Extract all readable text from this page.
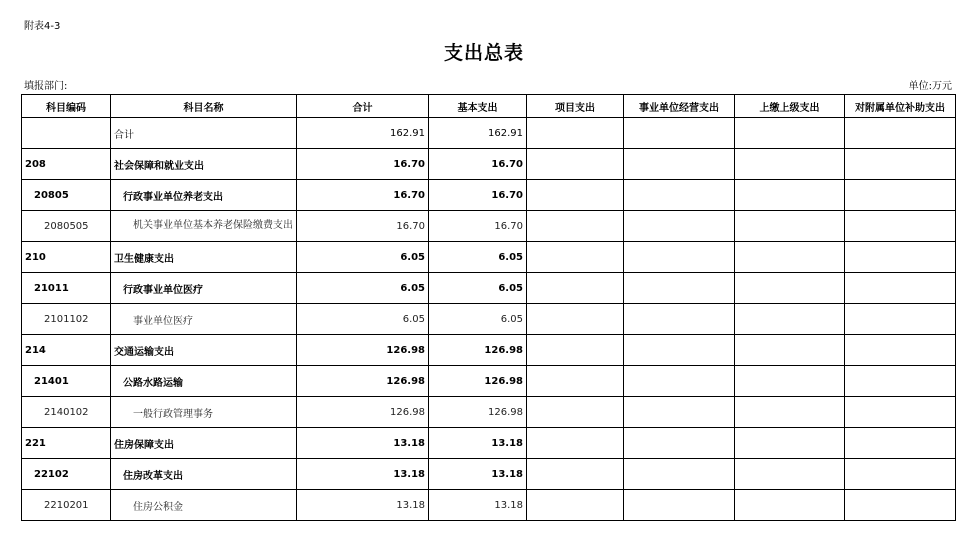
附表4-3
支出总表
填报部门:	单位:万元
科目编码	科目名称	合计	基本支出	项目支出	事业单位经营支出	上缴上级支出	对附属单位补助支出
	合计	162.91	162.91				
208	社会保障和就业支出	16.70	16.70				
20805	行政事业单位养老支出	16.70	16.70				
2080505	机关事业单位基本养老保险缴费支出	16.70	16.70				
210	卫生健康支出	6.05	6.05				
21011	行政事业单位医疗	6.05	6.05				
2101102	事业单位医疗	6.05	6.05				
214	交通运输支出	126.98	126.98				
21401	公路水路运输	126.98	126.98				
2140102	一般行政管理事务	126.98	126.98				
221	住房保障支出	13.18	13.18				
22102	住房改革支出	13.18	13.18				
2210201	住房公积金	13.18	13.18				
